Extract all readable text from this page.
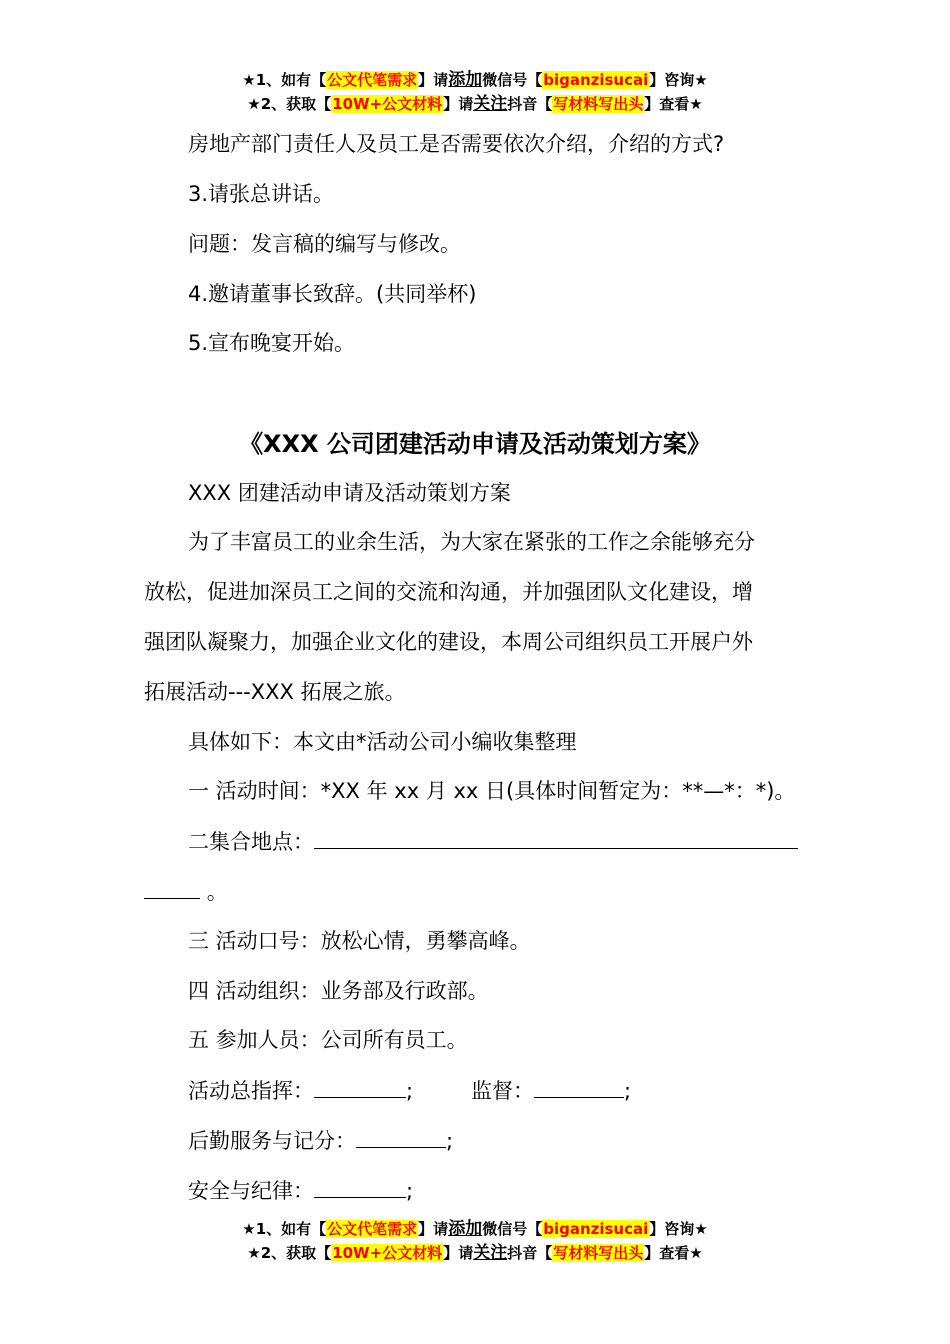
★1、如有【公文代笔需求】请添加微信号【biganzisucai】咨询★
★2、获取【10W+公文材料】请关注抖音【写材料写出头】查看★
房地产部门责任人及员工是否需要依次介绍，介绍的方式?
3.请张总讲话。
问题：发言稿的编写与修改。
4.邀请董事长致辞。(共同举杯)
5.宣布晚宴开始。
《XXX 公司团建活动申请及活动策划方案》
XXX 团建活动申请及活动策划方案
为了丰富员工的业余生活，为大家在紧张的工作之余能够充分
放松，促进加深员工之间的交流和沟通，并加强团队文化建设，增
强团队凝聚力，加强企业文化的建设，本周公司组织员工开展户外
拓展活动---XXX 拓展之旅。
具体如下：本文由*活动公司小编收集整理
一 活动时间：*XX 年 xx 月 xx 日(具体时间暂定为：**—*：*)。
二集合地点：
。
三 活动口号：放松心情，勇攀高峰。
四 活动组织：业务部及行政部。
五 参加人员：公司所有员工。
活动总指挥：	;	监督：	;
后勤服务与记分：	;
安全与纪律：	;
★1、如有【公文代笔需求】请添加微信号【biganzisucai】咨询★
★2、获取【10W+公文材料】请关注抖音【写材料写出头】查看★
